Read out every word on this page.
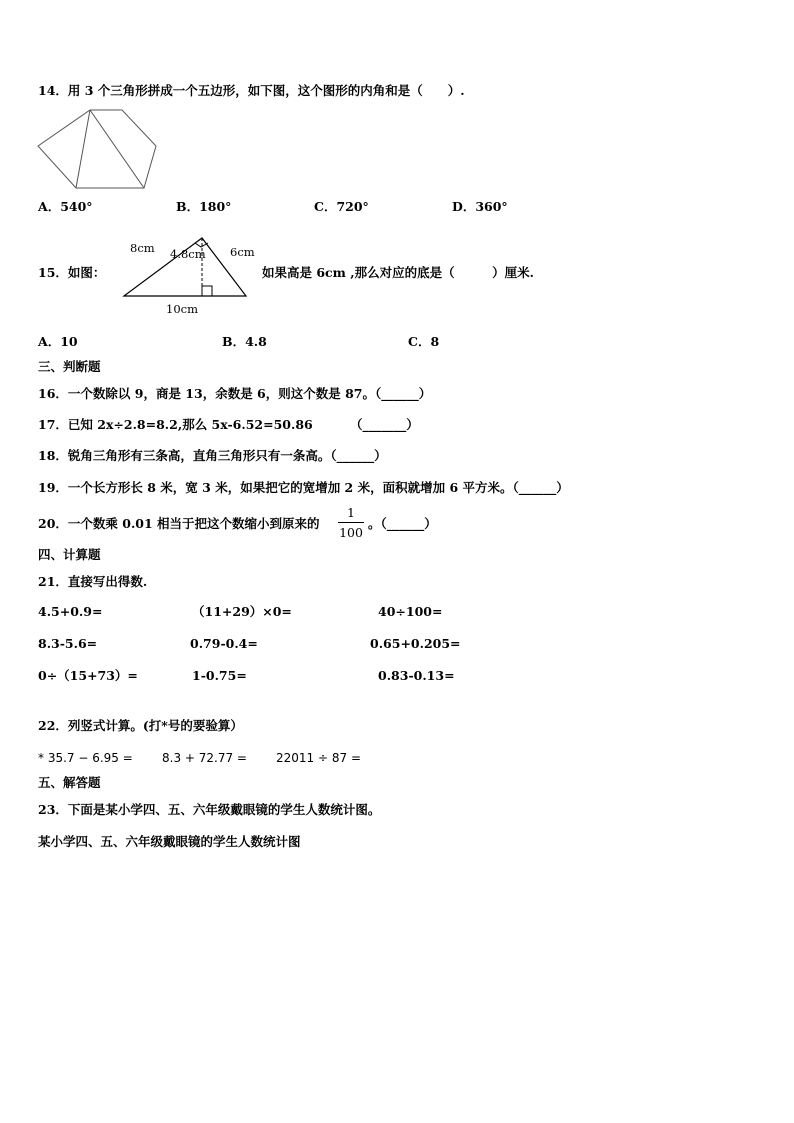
14．用 3 个三角形拼成一个五边形，如下图，这个图形的内角和是（　　）.
A．540°	B．180°	C．720°	D．360°
15．如图：
8cm 4.8cm 6cm
10cm
如果高是 6cm ,那么对应的底是（　　　）厘米.
A．10	B．4.8	C．8
三、判断题
16．一个数除以 9，商是 13，余数是 6，则这个数是 87。（______）
17．已知 2x÷2.8=8.2,那么 5x-6.52=50.86	（_______）
18．锐角三角形有三条高，直角三角形只有一条高。（______）
19．一个长方形长 8 米，宽 3 米，如果把它的宽增加 2 米，面积就增加 6 平方米。（______）
20．一个数乘 0.01 相当于把这个数缩小到原来的
1
100
。（______）
四、计算题
21．直接写出得数.
4.5+0.9=	（11+29）×0=	40÷100=
8.3-5.6=	0.79-0.4=	0.65+0.205=
0÷（15+73）=	1-0.75=	0.83-0.13=
22．列竖式计算。(打*号的要验算）
* 35.7 − 6.95 = 8.3 + 72.77 = 22011 ÷ 87 =
五、解答题
23．下面是某小学四、五、六年级戴眼镜的学生人数统计图。
某小学四、五、六年级戴眼镜的学生人数统计图
